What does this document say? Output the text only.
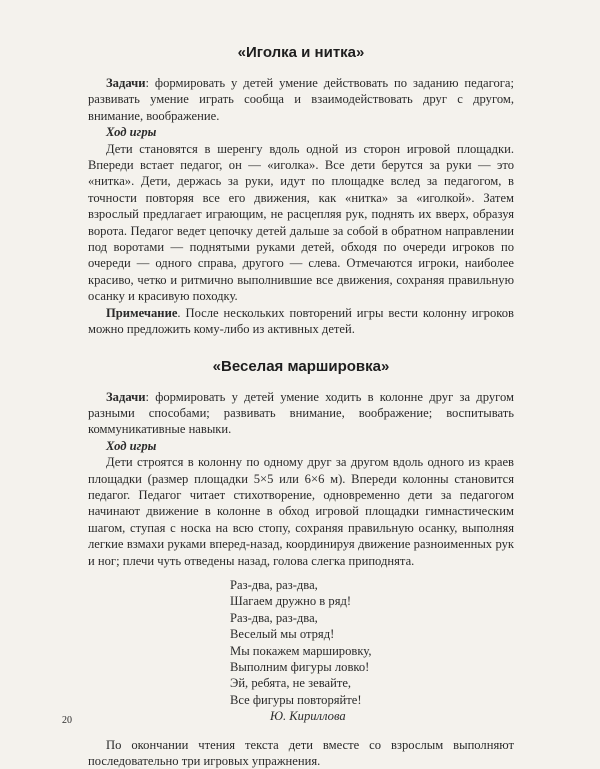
«Иголка и нитка»

Задачи: формировать у детей умение действовать по заданию педагога; развивать умение играть сообща и взаимодействовать друг с другом, внимание, воображение.

Ход игры

Дети становятся в шеренгу вдоль одной из сторон игровой площадки. Впереди встает педагог, он — «иголка». Все дети берутся за руки — это «нитка». Дети, держась за руки, идут по площадке вслед за педагогом, в точности повторяя все его движения, как «нитка» за «иголкой». Затем взрослый предлагает играющим, не расцепляя рук, поднять их вверх, образуя ворота. Педагог ведет цепочку детей дальше за собой в обратном направлении под воротами — поднятыми руками детей, обходя по очереди игроков по очереди — одного справа, другого — слева. Отмечаются игроки, наиболее красиво, четко и ритмично выполнившие все движения, сохраняя правильную осанку и красивую походку.

Примечание. После нескольких повторений игры вести колонну игроков можно предложить кому-либо из активных детей.

«Веселая маршировка»

Задачи: формировать у детей умение ходить в колонне друг за другом разными способами; развивать внимание, воображение; воспитывать коммуникативные навыки.

Ход игры

Дети строятся в колонну по одному друг за другом вдоль одного из краев площадки (размер площадки 5×5 или 6×6 м). Впереди колонны становится педагог. Педагог читает стихотворение, одновременно дети за педагогом начинают движение в колонне в обход игровой площадки гимнастическим шагом, ступая с носка на всю стопу, сохраняя правильную осанку, выполняя легкие взмахи руками вперед-назад, координируя движение разноименных рук и ног; плечи чуть отведены назад, голова слегка приподнята.

Раз-два, раз-два,
Шагаем дружно в ряд!
Раз-два, раз-два,
Веселый мы отряд!
Мы покажем маршировку,
Выполним фигуры ловко!
Эй, ребята, не зевайте,
Все фигуры повторяйте!
Ю. Кириллова

По окончании чтения текста дети вместе со взрослым выполняют последовательно три игровых упражнения.

20
